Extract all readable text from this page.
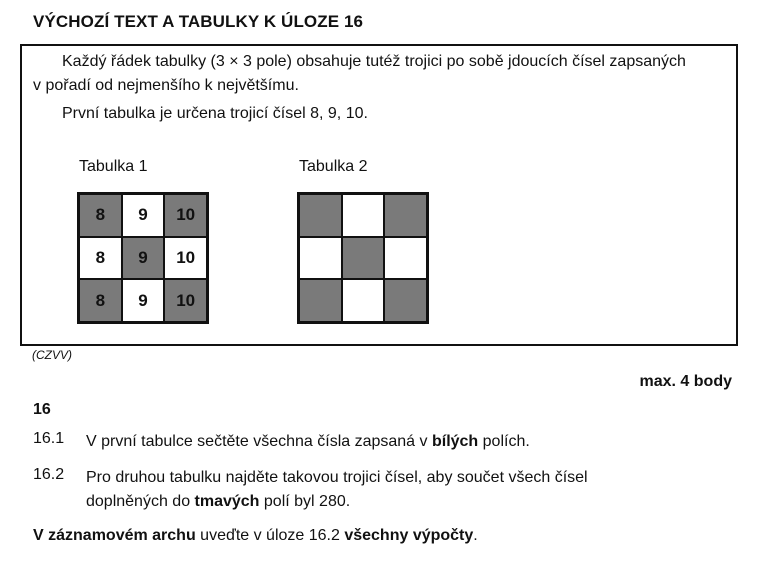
VÝCHOZÍ TEXT A TABULKY K ÚLOZE 16
Každý řádek tabulky (3 × 3 pole) obsahuje tutéž trojici po sobě jdoucích čísel zapsaných
v pořadí od nejmenšího k největšímu.
První tabulka je určena trojicí čísel 8, 9, 10.
Tabulka 1
8	9	10
8	9	10
8	9	10
Tabulka 2
(CZVV)
max. 4 body
16
16.1 V první tabulce sečtěte všechna čísla zapsaná v bílých polích.
16.2 Pro druhou tabulku najděte takovou trojici čísel, aby součet všech čísel
doplněných do tmavých polí byl 280.
V záznamovém archu uveďte v úloze 16.2 všechny výpočty.
